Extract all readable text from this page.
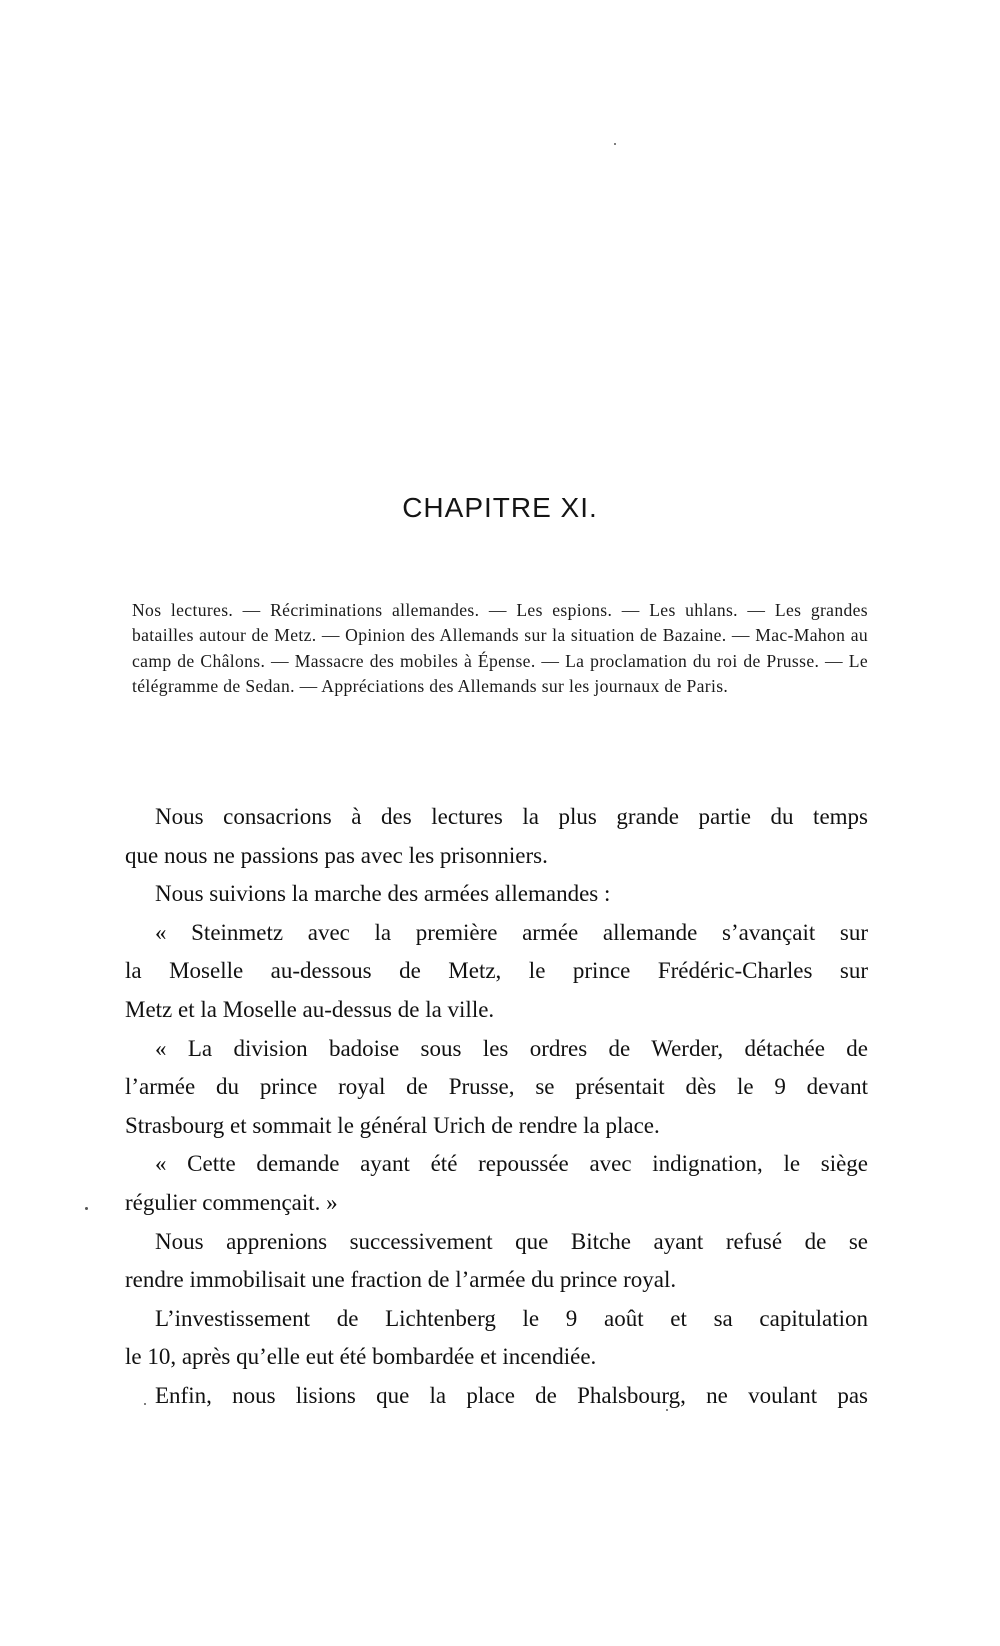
CHAPITRE XI.
Nos lectures. — Récriminations allemandes. — Les espions. — Les uhlans. — Les grandes batailles autour de Metz. — Opinion des Allemands sur la situation de Bazaine. — Mac-Mahon au camp de Châlons. — Massacre des mobiles à Épense. — La proclamation du roi de Prusse. — Le télégramme de Sedan. — Appréciations des Allemands sur les journaux de Paris.
Nous consacrions à des lectures la plus grande partie du temps
que nous ne passions pas avec les prisonniers.
Nous suivions la marche des armées allemandes :
« Steinmetz avec la première armée allemande s’avançait sur
la Moselle au-dessous de Metz, le prince Frédéric-Charles sur
Metz et la Moselle au-dessus de la ville.
« La division badoise sous les ordres de Werder, détachée de
l’armée du prince royal de Prusse, se présentait dès le 9 devant
Strasbourg et sommait le général Urich de rendre la place.
« Cette demande ayant été repoussée avec indignation, le siège
régulier commençait. »
Nous apprenions successivement que Bitche ayant refusé de se
rendre immobilisait une fraction de l’armée du prince royal.
L’investissement de Lichtenberg le 9 août et sa capitulation
le 10, après qu’elle eut été bombardée et incendiée.
Enfin, nous lisions que la place de Phalsbourg, ne voulant pas
